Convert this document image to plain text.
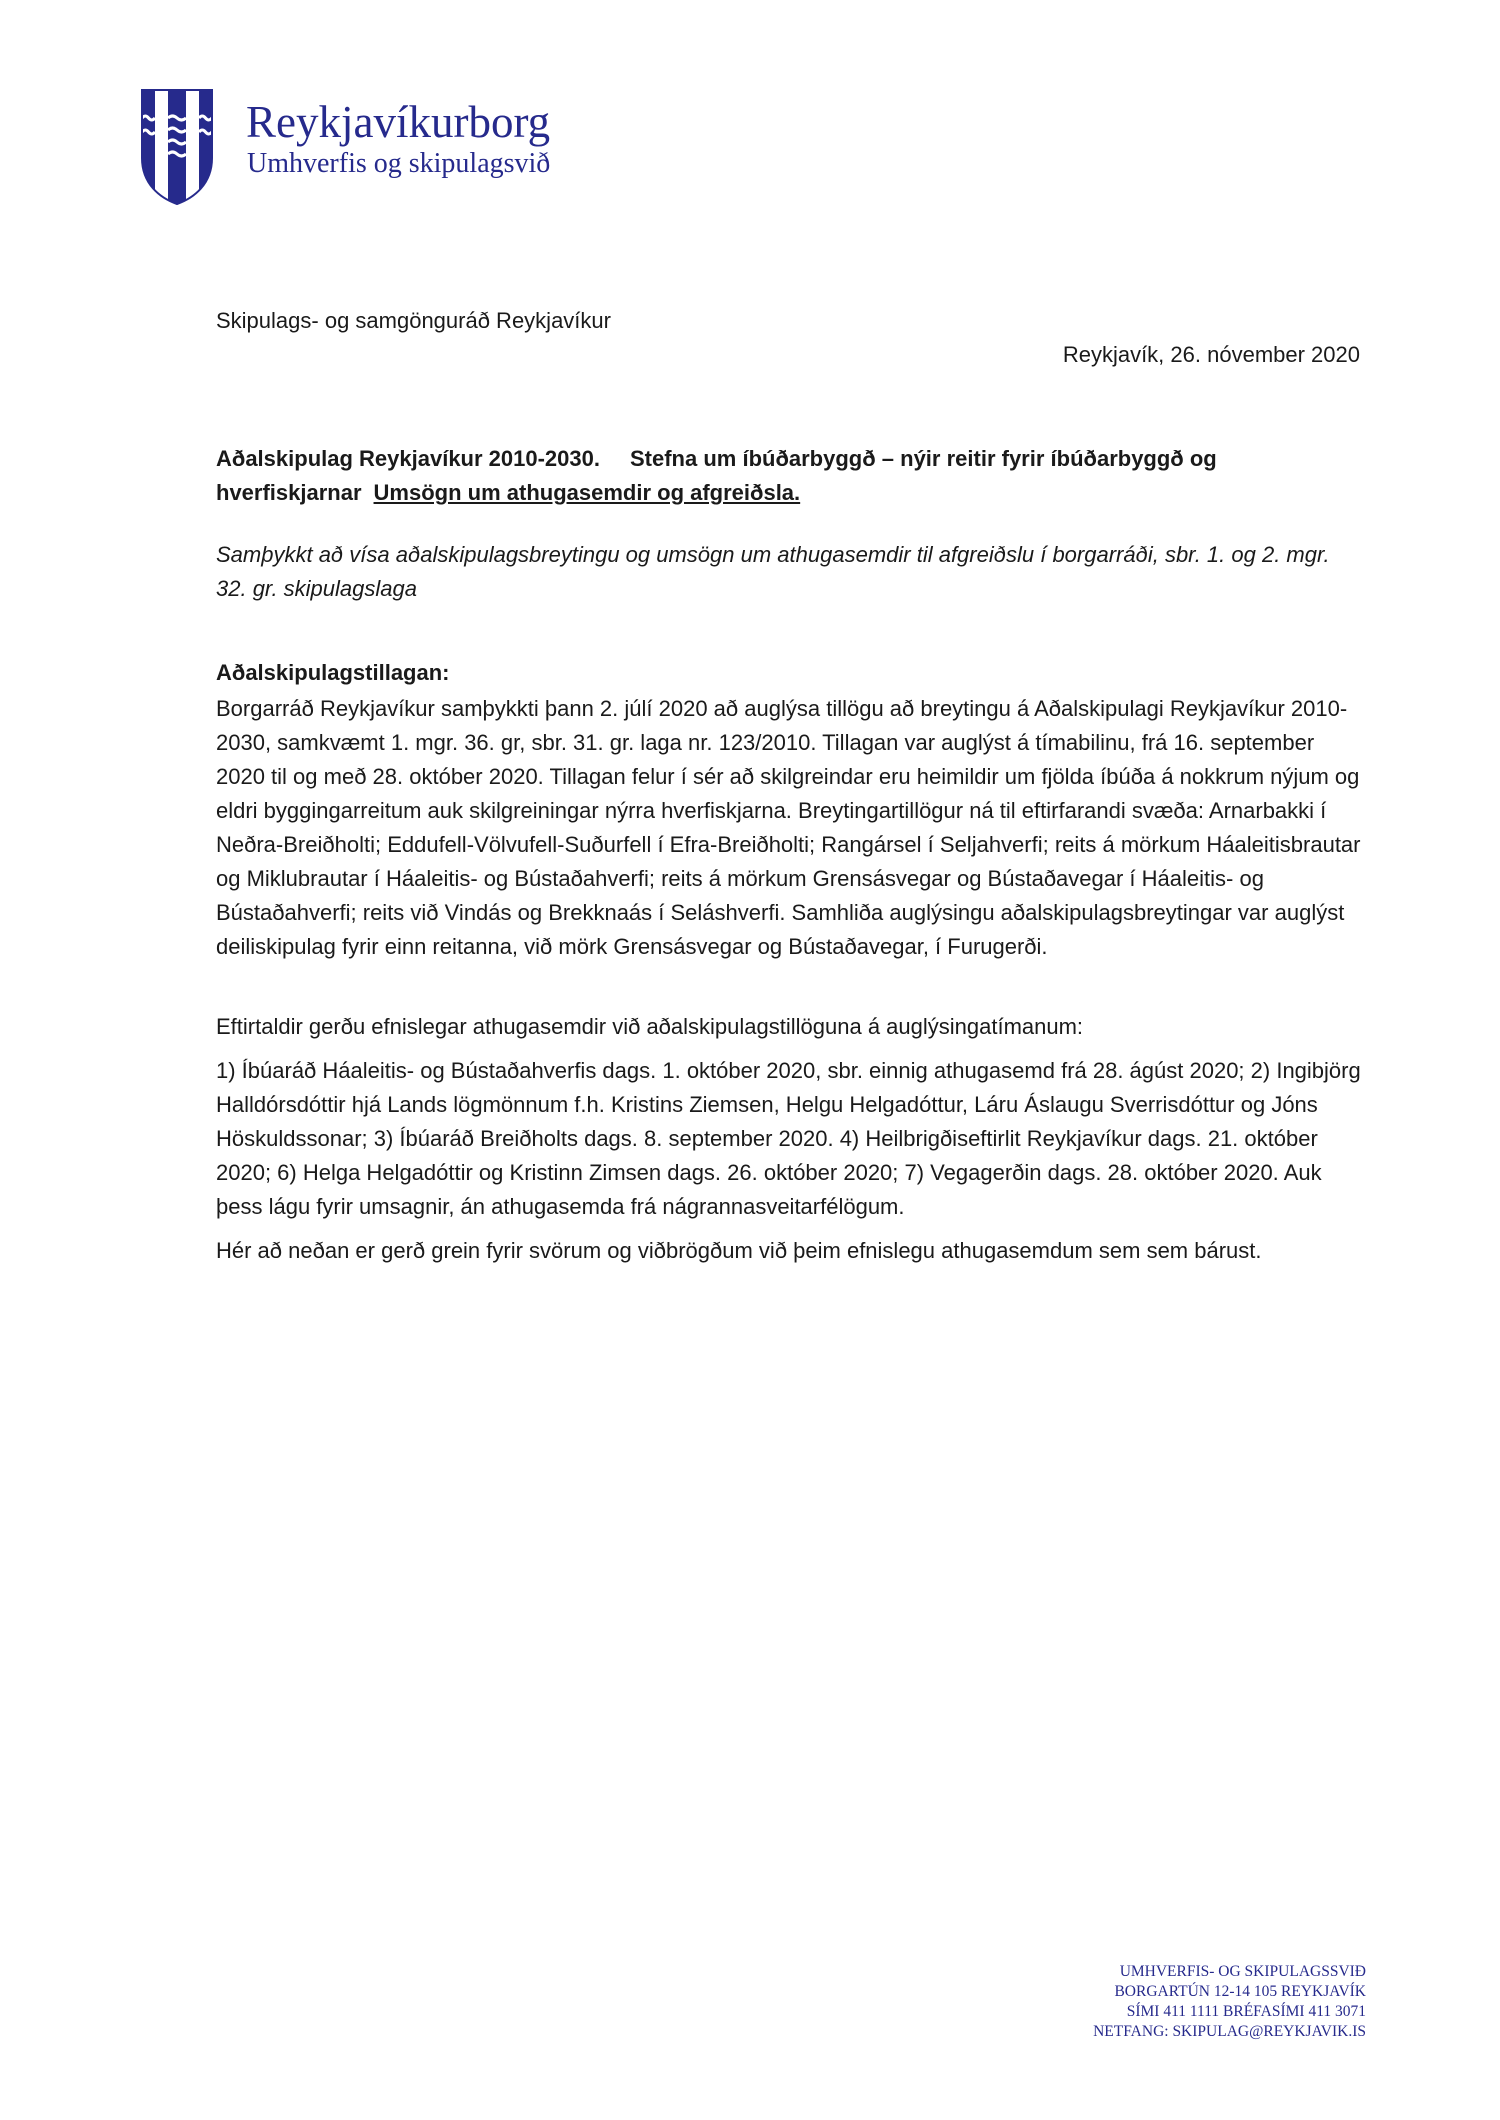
Reykjavíkurborg
Umhverfis og skipulagsvið

Skipulags- og samgönguráð Reykjavíkur

Reykjavík, 26. nóvember 2020

Aðalskipulag Reykjavíkur 2010-2030. Stefna um íbúðarbyggð – nýir reitir fyrir íbúðarbyggð og hverfiskjarnar Umsögn um athugasemdir og afgreiðsla.

Samþykkt að vísa aðalskipulagsbreytingu og umsögn um athugasemdir til afgreiðslu í borgarráði, sbr. 1. og 2. mgr. 32. gr. skipulagslaga

Aðalskipulagstillagan:

Borgarráð Reykjavíkur samþykkti þann 2. júlí 2020 að auglýsa tillögu að breytingu á Aðalskipulagi Reykjavíkur 2010-2030, samkvæmt 1. mgr. 36. gr, sbr. 31. gr. laga nr. 123/2010. Tillagan var auglýst á tímabilinu, frá 16. september 2020 til og með 28. október 2020. Tillagan felur í sér að skilgreindar eru heimildir um fjölda íbúða á nokkrum nýjum og eldri byggingarreitum auk skilgreiningar nýrra hverfiskjarna. Breytingartillögur ná til eftirfarandi svæða: Arnarbakki í Neðra-Breiðholti; Eddufell-Völvufell-Suðurfell í Efra-Breiðholti; Rangársel í Seljahverfi; reits á mörkum Háaleitisbrautar og Miklubrautar í Háaleitis- og Bústaðahverfi; reits á mörkum Grensásvegar og Bústaðavegar í Háaleitis- og Bústaðahverfi; reits við Vindás og Brekknaás í Seláshverfi. Samhliða auglýsingu aðalskipulagsbreytingar var auglýst deiliskipulag fyrir einn reitanna, við mörk Grensásvegar og Bústaðavegar, í Furugerði.

Eftirtaldir gerðu efnislegar athugasemdir við aðalskipulagstillöguna á auglýsingatímanum:

1) Íbúaráð Háaleitis- og Bústaðahverfis dags. 1. október 2020, sbr. einnig athugasemd frá 28. ágúst 2020; 2) Ingibjörg Halldórsdóttir hjá Lands lögmönnum f.h. Kristins Ziemsen, Helgu Helgadóttur, Láru Áslaugu Sverrisdóttur og Jóns Höskuldssonar; 3) Íbúaráð Breiðholts dags. 8. september 2020. 4) Heilbrigðiseftirlit Reykjavíkur dags. 21. október 2020; 6) Helga Helgadóttir og Kristinn Zimsen dags. 26. október 2020; 7) Vegagerðin dags. 28. október 2020. Auk þess lágu fyrir umsagnir, án athugasemda frá nágrannasveitarfélögum.

Hér að neðan er gerð grein fyrir svörum og viðbrögðum við þeim efnislegu athugasemdum sem sem bárust.

UMHVERFIS- OG SKIPULAGSSVIÐ
BORGARTÚN 12-14 105 REYKJAVÍK
SÍMI 411 1111 BRÉFASÍMI 411 3071
NETFANG: SKIPULAG@REYKJAVIK.IS
